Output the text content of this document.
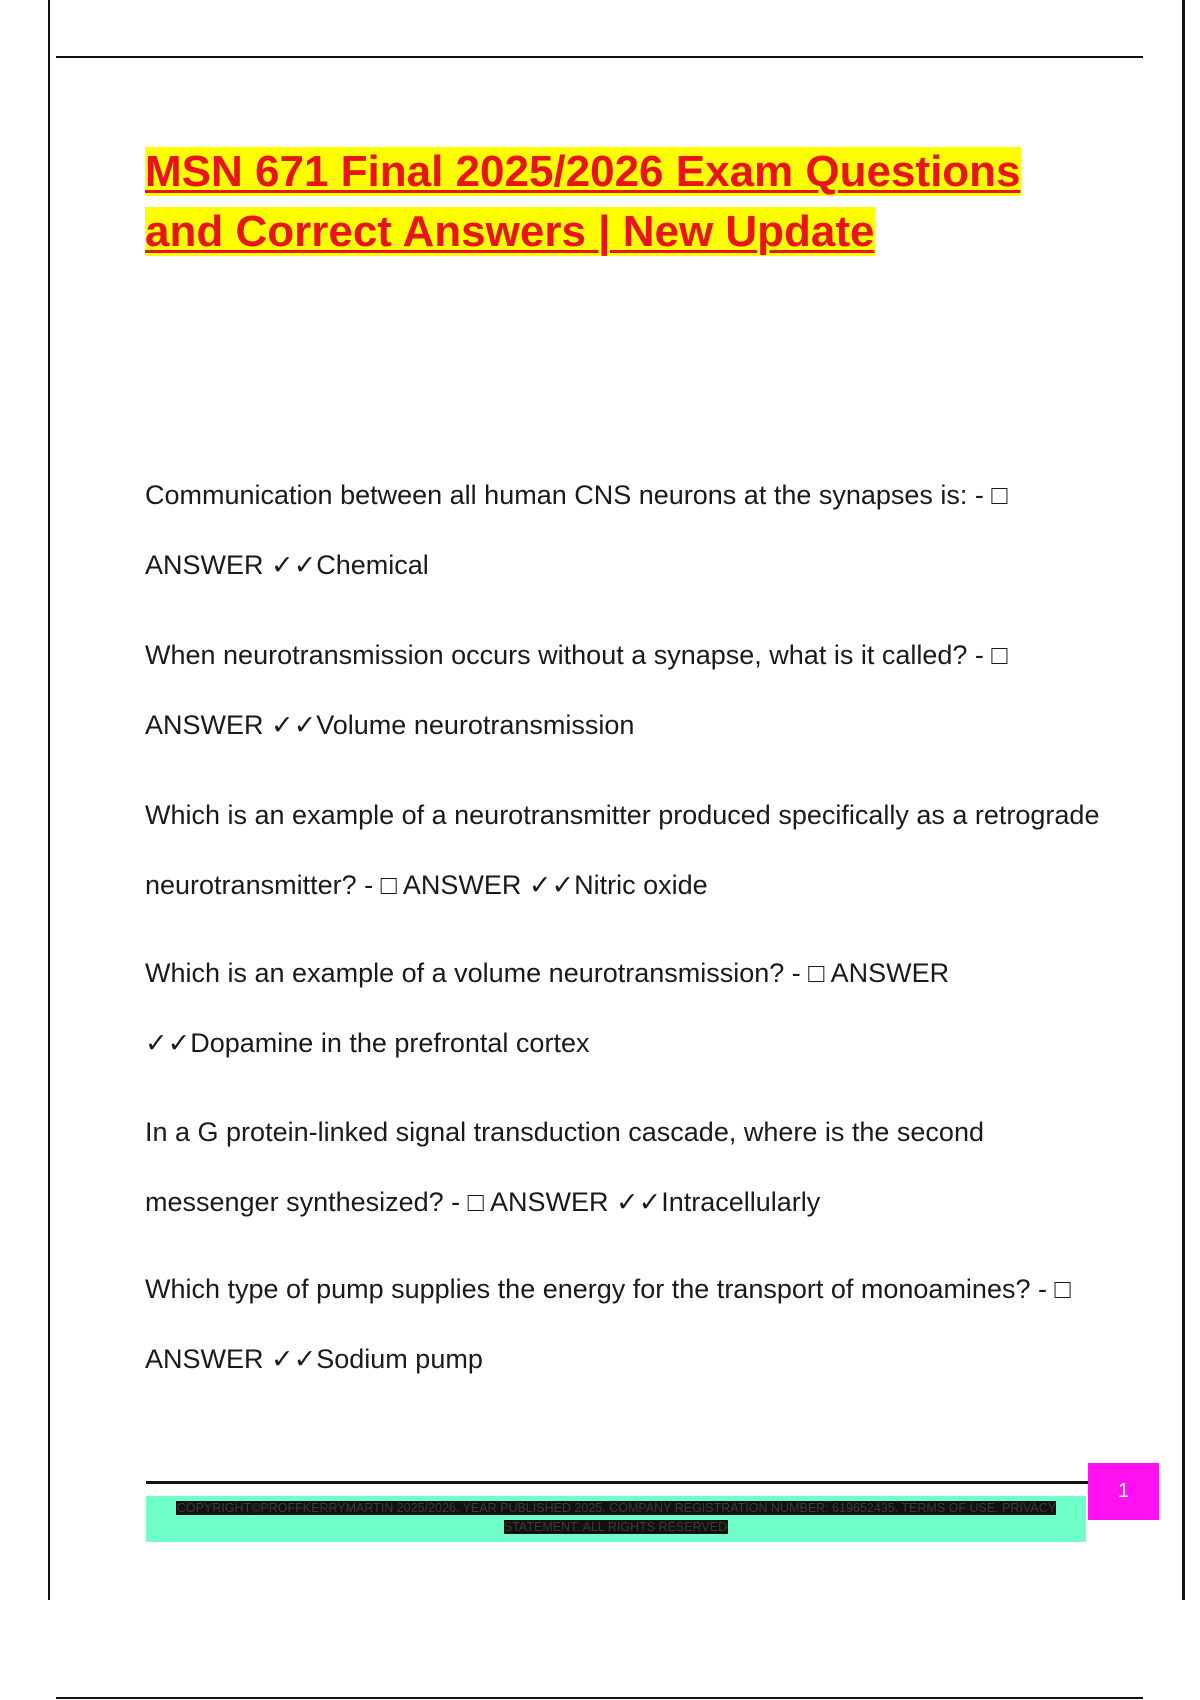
MSN 671 Final 2025/2026 Exam Questions and Correct Answers | New Update

Communication between all human CNS neurons at the synapses is: - □ ANSWER ✓✓Chemical

When neurotransmission occurs without a synapse, what is it called? - □ ANSWER ✓✓Volume neurotransmission

Which is an example of a neurotransmitter produced specifically as a retrograde neurotransmitter? - □ ANSWER ✓✓Nitric oxide

Which is an example of a volume neurotransmission? - □ ANSWER ✓✓Dopamine in the prefrontal cortex

In a G protein-linked signal transduction cascade, where is the second messenger synthesized? - □ ANSWER ✓✓Intracellularly

Which type of pump supplies the energy for the transport of monoamines? - □ ANSWER ✓✓Sodium pump

COPYRIGHT©PROFFKERRYMARTIN 2025/2026. YEAR PUBLISHED 2025. COMPANY REGISTRATION NUMBER: 619652435. TERMS OF USE. PRIVACY STATEMENT. ALL RIGHTS RESERVED
1
